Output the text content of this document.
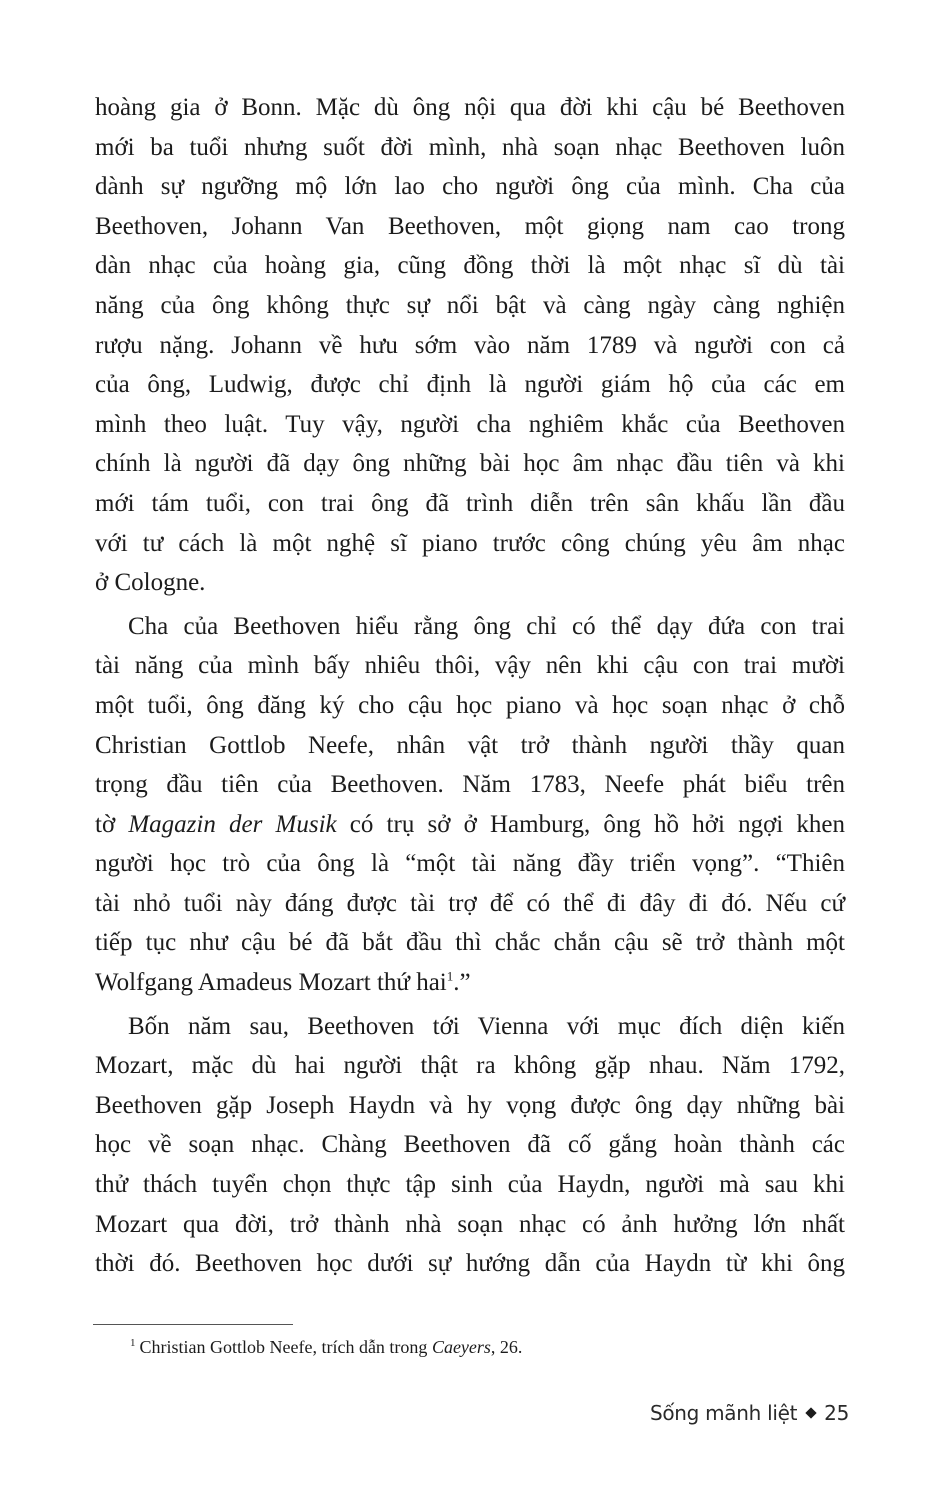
hoàng gia ở Bonn. Mặc dù ông nội qua đời khi cậu bé Beethoven
mới ba tuổi nhưng suốt đời mình, nhà soạn nhạc Beethoven luôn
dành sự ngưỡng mộ lớn lao cho người ông của mình. Cha của
Beethoven, Johann Van Beethoven, một giọng nam cao trong
dàn nhạc của hoàng gia, cũng đồng thời là một nhạc sĩ dù tài
năng của ông không thực sự nổi bật và càng ngày càng nghiện
rượu nặng. Johann về hưu sớm vào năm 1789 và người con cả
của ông, Ludwig, được chỉ định là người giám hộ của các em
mình theo luật. Tuy vậy, người cha nghiêm khắc của Beethoven
chính là người đã dạy ông những bài học âm nhạc đầu tiên và khi
mới tám tuổi, con trai ông đã trình diễn trên sân khấu lần đầu
với tư cách là một nghệ sĩ piano trước công chúng yêu âm nhạc
ở Cologne.
Cha của Beethoven hiểu rằng ông chỉ có thể dạy đứa con trai
tài năng của mình bấy nhiêu thôi, vậy nên khi cậu con trai mười
một tuổi, ông đăng ký cho cậu học piano và học soạn nhạc ở chỗ
Christian Gottlob Neefe, nhân vật trở thành người thầy quan
trọng đầu tiên của Beethoven. Năm 1783, Neefe phát biểu trên
tờ Magazin der Musik có trụ sở ở Hamburg, ông hồ hởi ngợi khen
người học trò của ông là “một tài năng đầy triển vọng”. “Thiên
tài nhỏ tuổi này đáng được tài trợ để có thể đi đây đi đó. Nếu cứ
tiếp tục như cậu bé đã bắt đầu thì chắc chắn cậu sẽ trở thành một
Wolfgang Amadeus Mozart thứ hai$^1$.”
Bốn năm sau, Beethoven tới Vienna với mục đích diện kiến
Mozart, mặc dù hai người thật ra không gặp nhau. Năm 1792,
Beethoven gặp Joseph Haydn và hy vọng được ông dạy những bài
học về soạn nhạc. Chàng Beethoven đã cố gắng hoàn thành các
thử thách tuyển chọn thực tập sinh của Haydn, người mà sau khi
Mozart qua đời, trở thành nhà soạn nhạc có ảnh hưởng lớn nhất
thời đó. Beethoven học dưới sự hướng dẫn của Haydn từ khi ông
$^1$ Christian Gottlob Neefe, trích dẫn trong Caeyers, 26.
Sống mãnh liệt 25
